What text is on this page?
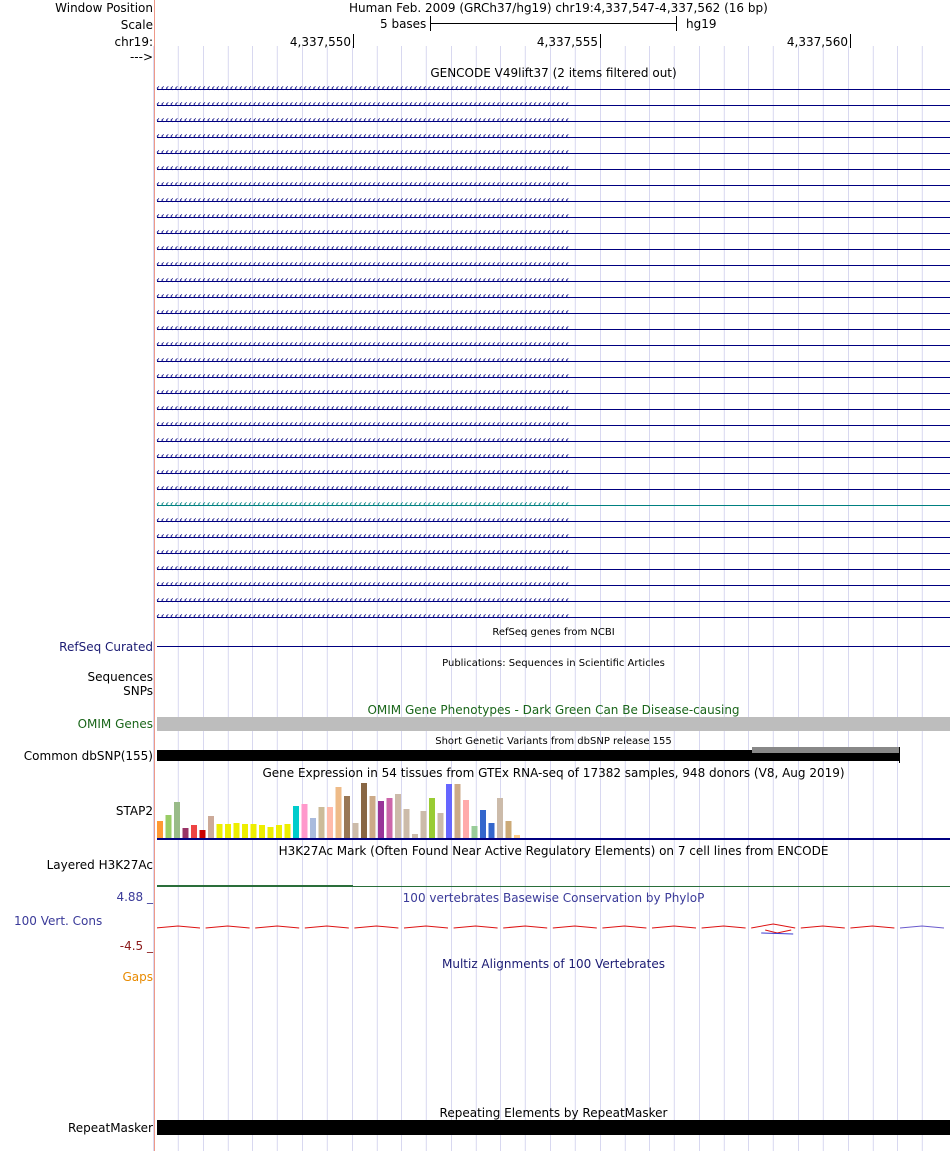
Window Position	Human Feb. 2009 (GRCh37/hg19) chr19:4,337,547-4,337,562 (16 bp)
Scale	5 bases	hg19
chr19:	4,337,550	4,337,555	4,337,560
--->
GENCODE V49lift37 (2 items filtered out)
‹‹‹‹‹‹‹‹‹‹‹‹‹‹‹‹‹‹‹‹‹‹‹‹‹‹‹‹‹‹‹‹‹‹‹‹‹‹‹‹‹‹‹‹‹‹‹‹‹‹‹‹‹‹‹‹‹‹‹‹‹‹‹‹‹‹‹‹‹‹‹‹‹‹‹‹‹‹‹‹‹‹‹‹‹‹‹‹‹‹
‹‹‹‹‹‹‹‹‹‹‹‹‹‹‹‹‹‹‹‹‹‹‹‹‹‹‹‹‹‹‹‹‹‹‹‹‹‹‹‹‹‹‹‹‹‹‹‹‹‹‹‹‹‹‹‹‹‹‹‹‹‹‹‹‹‹‹‹‹‹‹‹‹‹‹‹‹‹‹‹‹‹‹‹‹‹‹‹‹‹
‹‹‹‹‹‹‹‹‹‹‹‹‹‹‹‹‹‹‹‹‹‹‹‹‹‹‹‹‹‹‹‹‹‹‹‹‹‹‹‹‹‹‹‹‹‹‹‹‹‹‹‹‹‹‹‹‹‹‹‹‹‹‹‹‹‹‹‹‹‹‹‹‹‹‹‹‹‹‹‹‹‹‹‹‹‹‹‹‹‹
‹‹‹‹‹‹‹‹‹‹‹‹‹‹‹‹‹‹‹‹‹‹‹‹‹‹‹‹‹‹‹‹‹‹‹‹‹‹‹‹‹‹‹‹‹‹‹‹‹‹‹‹‹‹‹‹‹‹‹‹‹‹‹‹‹‹‹‹‹‹‹‹‹‹‹‹‹‹‹‹‹‹‹‹‹‹‹‹‹‹
‹‹‹‹‹‹‹‹‹‹‹‹‹‹‹‹‹‹‹‹‹‹‹‹‹‹‹‹‹‹‹‹‹‹‹‹‹‹‹‹‹‹‹‹‹‹‹‹‹‹‹‹‹‹‹‹‹‹‹‹‹‹‹‹‹‹‹‹‹‹‹‹‹‹‹‹‹‹‹‹‹‹‹‹‹‹‹‹‹‹
‹‹‹‹‹‹‹‹‹‹‹‹‹‹‹‹‹‹‹‹‹‹‹‹‹‹‹‹‹‹‹‹‹‹‹‹‹‹‹‹‹‹‹‹‹‹‹‹‹‹‹‹‹‹‹‹‹‹‹‹‹‹‹‹‹‹‹‹‹‹‹‹‹‹‹‹‹‹‹‹‹‹‹‹‹‹‹‹‹‹
‹‹‹‹‹‹‹‹‹‹‹‹‹‹‹‹‹‹‹‹‹‹‹‹‹‹‹‹‹‹‹‹‹‹‹‹‹‹‹‹‹‹‹‹‹‹‹‹‹‹‹‹‹‹‹‹‹‹‹‹‹‹‹‹‹‹‹‹‹‹‹‹‹‹‹‹‹‹‹‹‹‹‹‹‹‹‹‹‹‹
‹‹‹‹‹‹‹‹‹‹‹‹‹‹‹‹‹‹‹‹‹‹‹‹‹‹‹‹‹‹‹‹‹‹‹‹‹‹‹‹‹‹‹‹‹‹‹‹‹‹‹‹‹‹‹‹‹‹‹‹‹‹‹‹‹‹‹‹‹‹‹‹‹‹‹‹‹‹‹‹‹‹‹‹‹‹‹‹‹‹
‹‹‹‹‹‹‹‹‹‹‹‹‹‹‹‹‹‹‹‹‹‹‹‹‹‹‹‹‹‹‹‹‹‹‹‹‹‹‹‹‹‹‹‹‹‹‹‹‹‹‹‹‹‹‹‹‹‹‹‹‹‹‹‹‹‹‹‹‹‹‹‹‹‹‹‹‹‹‹‹‹‹‹‹‹‹‹‹‹‹
‹‹‹‹‹‹‹‹‹‹‹‹‹‹‹‹‹‹‹‹‹‹‹‹‹‹‹‹‹‹‹‹‹‹‹‹‹‹‹‹‹‹‹‹‹‹‹‹‹‹‹‹‹‹‹‹‹‹‹‹‹‹‹‹‹‹‹‹‹‹‹‹‹‹‹‹‹‹‹‹‹‹‹‹‹‹‹‹‹‹
‹‹‹‹‹‹‹‹‹‹‹‹‹‹‹‹‹‹‹‹‹‹‹‹‹‹‹‹‹‹‹‹‹‹‹‹‹‹‹‹‹‹‹‹‹‹‹‹‹‹‹‹‹‹‹‹‹‹‹‹‹‹‹‹‹‹‹‹‹‹‹‹‹‹‹‹‹‹‹‹‹‹‹‹‹‹‹‹‹‹
‹‹‹‹‹‹‹‹‹‹‹‹‹‹‹‹‹‹‹‹‹‹‹‹‹‹‹‹‹‹‹‹‹‹‹‹‹‹‹‹‹‹‹‹‹‹‹‹‹‹‹‹‹‹‹‹‹‹‹‹‹‹‹‹‹‹‹‹‹‹‹‹‹‹‹‹‹‹‹‹‹‹‹‹‹‹‹‹‹‹
‹‹‹‹‹‹‹‹‹‹‹‹‹‹‹‹‹‹‹‹‹‹‹‹‹‹‹‹‹‹‹‹‹‹‹‹‹‹‹‹‹‹‹‹‹‹‹‹‹‹‹‹‹‹‹‹‹‹‹‹‹‹‹‹‹‹‹‹‹‹‹‹‹‹‹‹‹‹‹‹‹‹‹‹‹‹‹‹‹‹
‹‹‹‹‹‹‹‹‹‹‹‹‹‹‹‹‹‹‹‹‹‹‹‹‹‹‹‹‹‹‹‹‹‹‹‹‹‹‹‹‹‹‹‹‹‹‹‹‹‹‹‹‹‹‹‹‹‹‹‹‹‹‹‹‹‹‹‹‹‹‹‹‹‹‹‹‹‹‹‹‹‹‹‹‹‹‹‹‹‹
‹‹‹‹‹‹‹‹‹‹‹‹‹‹‹‹‹‹‹‹‹‹‹‹‹‹‹‹‹‹‹‹‹‹‹‹‹‹‹‹‹‹‹‹‹‹‹‹‹‹‹‹‹‹‹‹‹‹‹‹‹‹‹‹‹‹‹‹‹‹‹‹‹‹‹‹‹‹‹‹‹‹‹‹‹‹‹‹‹‹
‹‹‹‹‹‹‹‹‹‹‹‹‹‹‹‹‹‹‹‹‹‹‹‹‹‹‹‹‹‹‹‹‹‹‹‹‹‹‹‹‹‹‹‹‹‹‹‹‹‹‹‹‹‹‹‹‹‹‹‹‹‹‹‹‹‹‹‹‹‹‹‹‹‹‹‹‹‹‹‹‹‹‹‹‹‹‹‹‹‹
‹‹‹‹‹‹‹‹‹‹‹‹‹‹‹‹‹‹‹‹‹‹‹‹‹‹‹‹‹‹‹‹‹‹‹‹‹‹‹‹‹‹‹‹‹‹‹‹‹‹‹‹‹‹‹‹‹‹‹‹‹‹‹‹‹‹‹‹‹‹‹‹‹‹‹‹‹‹‹‹‹‹‹‹‹‹‹‹‹‹
‹‹‹‹‹‹‹‹‹‹‹‹‹‹‹‹‹‹‹‹‹‹‹‹‹‹‹‹‹‹‹‹‹‹‹‹‹‹‹‹‹‹‹‹‹‹‹‹‹‹‹‹‹‹‹‹‹‹‹‹‹‹‹‹‹‹‹‹‹‹‹‹‹‹‹‹‹‹‹‹‹‹‹‹‹‹‹‹‹‹
‹‹‹‹‹‹‹‹‹‹‹‹‹‹‹‹‹‹‹‹‹‹‹‹‹‹‹‹‹‹‹‹‹‹‹‹‹‹‹‹‹‹‹‹‹‹‹‹‹‹‹‹‹‹‹‹‹‹‹‹‹‹‹‹‹‹‹‹‹‹‹‹‹‹‹‹‹‹‹‹‹‹‹‹‹‹‹‹‹‹
‹‹‹‹‹‹‹‹‹‹‹‹‹‹‹‹‹‹‹‹‹‹‹‹‹‹‹‹‹‹‹‹‹‹‹‹‹‹‹‹‹‹‹‹‹‹‹‹‹‹‹‹‹‹‹‹‹‹‹‹‹‹‹‹‹‹‹‹‹‹‹‹‹‹‹‹‹‹‹‹‹‹‹‹‹‹‹‹‹‹
‹‹‹‹‹‹‹‹‹‹‹‹‹‹‹‹‹‹‹‹‹‹‹‹‹‹‹‹‹‹‹‹‹‹‹‹‹‹‹‹‹‹‹‹‹‹‹‹‹‹‹‹‹‹‹‹‹‹‹‹‹‹‹‹‹‹‹‹‹‹‹‹‹‹‹‹‹‹‹‹‹‹‹‹‹‹‹‹‹‹
‹‹‹‹‹‹‹‹‹‹‹‹‹‹‹‹‹‹‹‹‹‹‹‹‹‹‹‹‹‹‹‹‹‹‹‹‹‹‹‹‹‹‹‹‹‹‹‹‹‹‹‹‹‹‹‹‹‹‹‹‹‹‹‹‹‹‹‹‹‹‹‹‹‹‹‹‹‹‹‹‹‹‹‹‹‹‹‹‹‹
‹‹‹‹‹‹‹‹‹‹‹‹‹‹‹‹‹‹‹‹‹‹‹‹‹‹‹‹‹‹‹‹‹‹‹‹‹‹‹‹‹‹‹‹‹‹‹‹‹‹‹‹‹‹‹‹‹‹‹‹‹‹‹‹‹‹‹‹‹‹‹‹‹‹‹‹‹‹‹‹‹‹‹‹‹‹‹‹‹‹
‹‹‹‹‹‹‹‹‹‹‹‹‹‹‹‹‹‹‹‹‹‹‹‹‹‹‹‹‹‹‹‹‹‹‹‹‹‹‹‹‹‹‹‹‹‹‹‹‹‹‹‹‹‹‹‹‹‹‹‹‹‹‹‹‹‹‹‹‹‹‹‹‹‹‹‹‹‹‹‹‹‹‹‹‹‹‹‹‹‹
‹‹‹‹‹‹‹‹‹‹‹‹‹‹‹‹‹‹‹‹‹‹‹‹‹‹‹‹‹‹‹‹‹‹‹‹‹‹‹‹‹‹‹‹‹‹‹‹‹‹‹‹‹‹‹‹‹‹‹‹‹‹‹‹‹‹‹‹‹‹‹‹‹‹‹‹‹‹‹‹‹‹‹‹‹‹‹‹‹‹
‹‹‹‹‹‹‹‹‹‹‹‹‹‹‹‹‹‹‹‹‹‹‹‹‹‹‹‹‹‹‹‹‹‹‹‹‹‹‹‹‹‹‹‹‹‹‹‹‹‹‹‹‹‹‹‹‹‹‹‹‹‹‹‹‹‹‹‹‹‹‹‹‹‹‹‹‹‹‹‹‹‹‹‹‹‹‹‹‹‹
‹‹‹‹‹‹‹‹‹‹‹‹‹‹‹‹‹‹‹‹‹‹‹‹‹‹‹‹‹‹‹‹‹‹‹‹‹‹‹‹‹‹‹‹‹‹‹‹‹‹‹‹‹‹‹‹‹‹‹‹‹‹‹‹‹‹‹‹‹‹‹‹‹‹‹‹‹‹‹‹‹‹‹‹‹‹‹‹‹‹
‹‹‹‹‹‹‹‹‹‹‹‹‹‹‹‹‹‹‹‹‹‹‹‹‹‹‹‹‹‹‹‹‹‹‹‹‹‹‹‹‹‹‹‹‹‹‹‹‹‹‹‹‹‹‹‹‹‹‹‹‹‹‹‹‹‹‹‹‹‹‹‹‹‹‹‹‹‹‹‹‹‹‹‹‹‹‹‹‹‹
‹‹‹‹‹‹‹‹‹‹‹‹‹‹‹‹‹‹‹‹‹‹‹‹‹‹‹‹‹‹‹‹‹‹‹‹‹‹‹‹‹‹‹‹‹‹‹‹‹‹‹‹‹‹‹‹‹‹‹‹‹‹‹‹‹‹‹‹‹‹‹‹‹‹‹‹‹‹‹‹‹‹‹‹‹‹‹‹‹‹
‹‹‹‹‹‹‹‹‹‹‹‹‹‹‹‹‹‹‹‹‹‹‹‹‹‹‹‹‹‹‹‹‹‹‹‹‹‹‹‹‹‹‹‹‹‹‹‹‹‹‹‹‹‹‹‹‹‹‹‹‹‹‹‹‹‹‹‹‹‹‹‹‹‹‹‹‹‹‹‹‹‹‹‹‹‹‹‹‹‹
‹‹‹‹‹‹‹‹‹‹‹‹‹‹‹‹‹‹‹‹‹‹‹‹‹‹‹‹‹‹‹‹‹‹‹‹‹‹‹‹‹‹‹‹‹‹‹‹‹‹‹‹‹‹‹‹‹‹‹‹‹‹‹‹‹‹‹‹‹‹‹‹‹‹‹‹‹‹‹‹‹‹‹‹‹‹‹‹‹‹
‹‹‹‹‹‹‹‹‹‹‹‹‹‹‹‹‹‹‹‹‹‹‹‹‹‹‹‹‹‹‹‹‹‹‹‹‹‹‹‹‹‹‹‹‹‹‹‹‹‹‹‹‹‹‹‹‹‹‹‹‹‹‹‹‹‹‹‹‹‹‹‹‹‹‹‹‹‹‹‹‹‹‹‹‹‹‹‹‹‹
‹‹‹‹‹‹‹‹‹‹‹‹‹‹‹‹‹‹‹‹‹‹‹‹‹‹‹‹‹‹‹‹‹‹‹‹‹‹‹‹‹‹‹‹‹‹‹‹‹‹‹‹‹‹‹‹‹‹‹‹‹‹‹‹‹‹‹‹‹‹‹‹‹‹‹‹‹‹‹‹‹‹‹‹‹‹‹‹‹‹
‹‹‹‹‹‹‹‹‹‹‹‹‹‹‹‹‹‹‹‹‹‹‹‹‹‹‹‹‹‹‹‹‹‹‹‹‹‹‹‹‹‹‹‹‹‹‹‹‹‹‹‹‹‹‹‹‹‹‹‹‹‹‹‹‹‹‹‹‹‹‹‹‹‹‹‹‹‹‹‹‹‹‹‹‹‹‹‹‹‹
RefSeq genes from NCBI
RefSeq Curated
Publications: Sequences in Scientific Articles
Sequences
SNPs
OMIM Gene Phenotypes - Dark Green Can Be Disease-causing
OMIM Genes
Short Genetic Variants from dbSNP release 155
Common dbSNP(155)
Gene Expression in 54 tissues from GTEx RNA-seq of 17382 samples, 948 donors (V8, Aug 2019)
STAP2
H3K27Ac Mark (Often Found Near Active Regulatory Elements) on 7 cell lines from ENCODE
Layered H3K27Ac
100 vertebrates Basewise Conservation by PhyloP
4.88 _
100 Vert. Cons
-4.5 _
Multiz Alignments of 100 Vertebrates
Gaps
Repeating Elements by RepeatMasker
RepeatMasker
